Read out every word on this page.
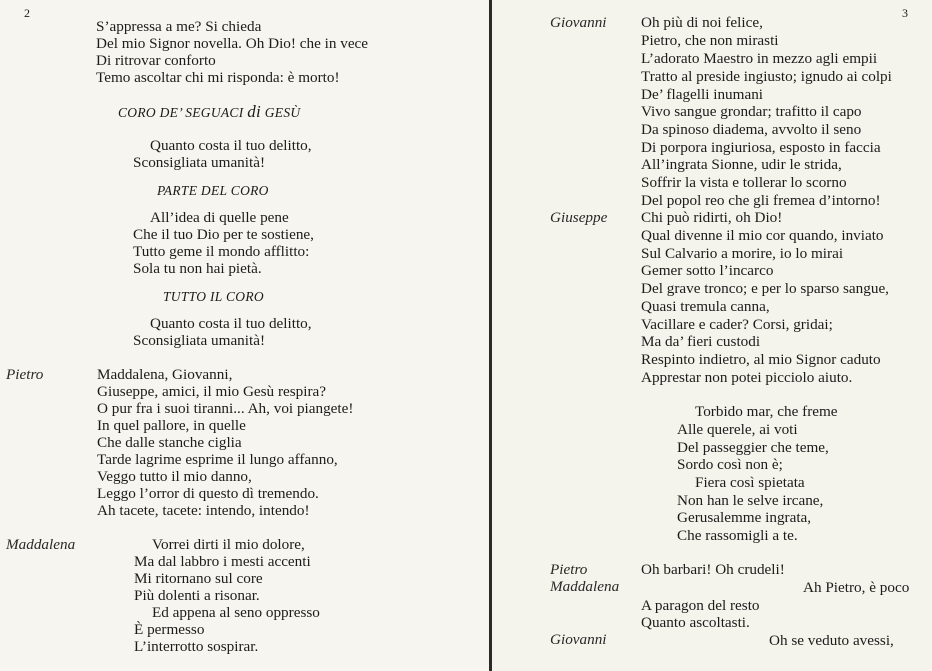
2
S’appressa a me? Si chieda
Del mio Signor novella. Oh Dio! che in vece
Di ritrovar conforto
Temo ascoltar chi mi risponda: è morto!
CORO DE’ SEGUACI di GESÙ
Quanto costa il tuo delitto,
Sconsigliata umanità!
PARTE DEL CORO
All’idea di quelle pene
Che il tuo Dio per te sostiene,
Tutto geme il mondo afflitto:
Sola tu non hai pietà.
TUTTO IL CORO
Quanto costa il tuo delitto,
Sconsigliata umanità!
Pietro	Maddalena, Giovanni,
Giuseppe, amici, il mio Gesù respira?
O pur fra i suoi tiranni... Ah, voi piangete!
In quel pallore, in quelle
Che dalle stanche ciglia
Tarde lagrime esprime il lungo affanno,
Veggo tutto il mio danno,
Leggo l’orror di questo dì tremendo.
Ah tacete, tacete: intendo, intendo!
Maddalena	Vorrei dirti il mio dolore,
Ma dal labbro i mesti accenti
Mi ritornano sul core
Più dolenti a risonar.
Ed appena al seno oppresso
È permesso
L’interrotto sospirar.
3
Giovanni Oh più di noi felice,
Pietro, che non mirasti
L’adorato Maestro in mezzo agli empii
Tratto al preside ingiusto; ignudo ai colpi
De’ flagelli inumani
Vivo sangue grondar; trafitto il capo
Da spinoso diadema, avvolto il seno
Di porpora ingiuriosa, esposto in faccia
All’ingrata Sionne, udir le strida,
Soffrir la vista e tollerar lo scorno
Del popol reo che gli fremea d’intorno!
Giuseppe Chi può ridirti, oh Dio!
Qual divenne il mio cor quando, inviato
Sul Calvario a morire, io lo mirai
Gemer sotto l’incarco
Del grave tronco; e per lo sparso sangue,
Quasi tremula canna,
Vacillare e cader? Corsi, gridai;
Ma da’ fieri custodi
Respinto indietro, al mio Signor caduto
Apprestar non potei picciolo aiuto.
Torbido mar, che freme
Alle querele, ai voti
Del passeggier che teme,
Sordo così non è;
Fiera così spietata
Non han le selve ircane,
Gerusalemme ingrata,
Che rassomigli a te.
Pietro	Oh barbari! Oh crudeli!
Maddalena	Ah Pietro, è poco
A paragon del resto
Quanto ascoltasti.
Giovanni	Oh se veduto avessi,
